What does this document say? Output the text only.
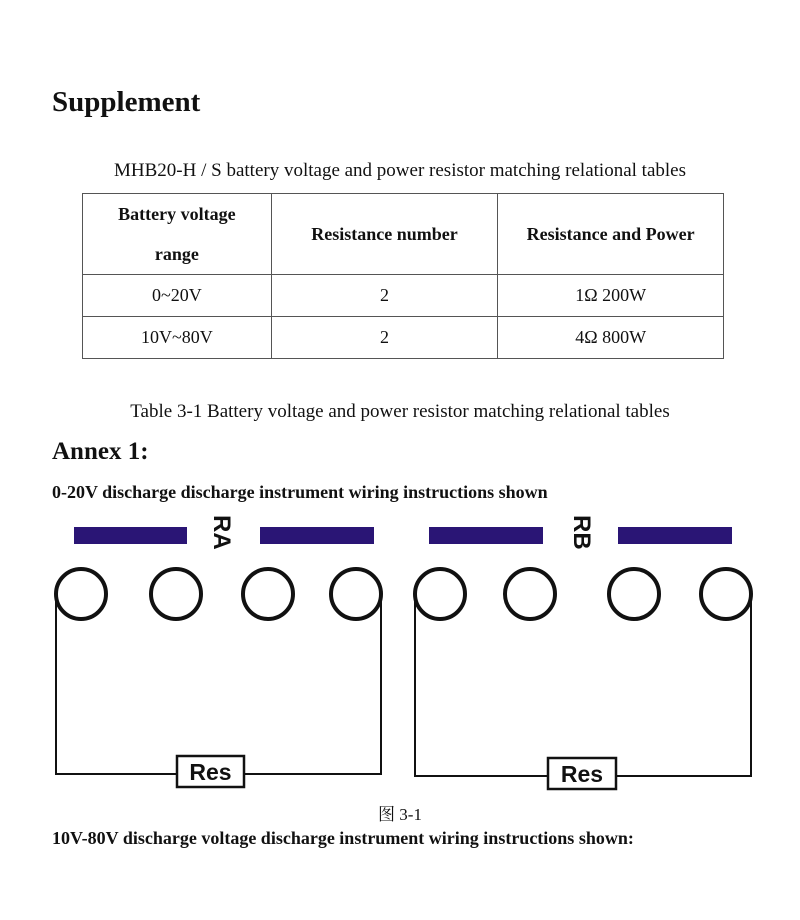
Supplement
MHB20-H / S battery voltage and power resistor matching relational tables
Battery voltage
range	Resistance number	Resistance and Power
0~20V	2	1Ω 200W
10V~80V	2	4Ω 800W
Table 3-1 Battery voltage and power resistor matching relational tables
Annex 1:
0-20V discharge discharge instrument wiring instructions shown
RA	RB
Res	Res
图 3-1
10V-80V discharge voltage discharge instrument wiring instructions shown:
